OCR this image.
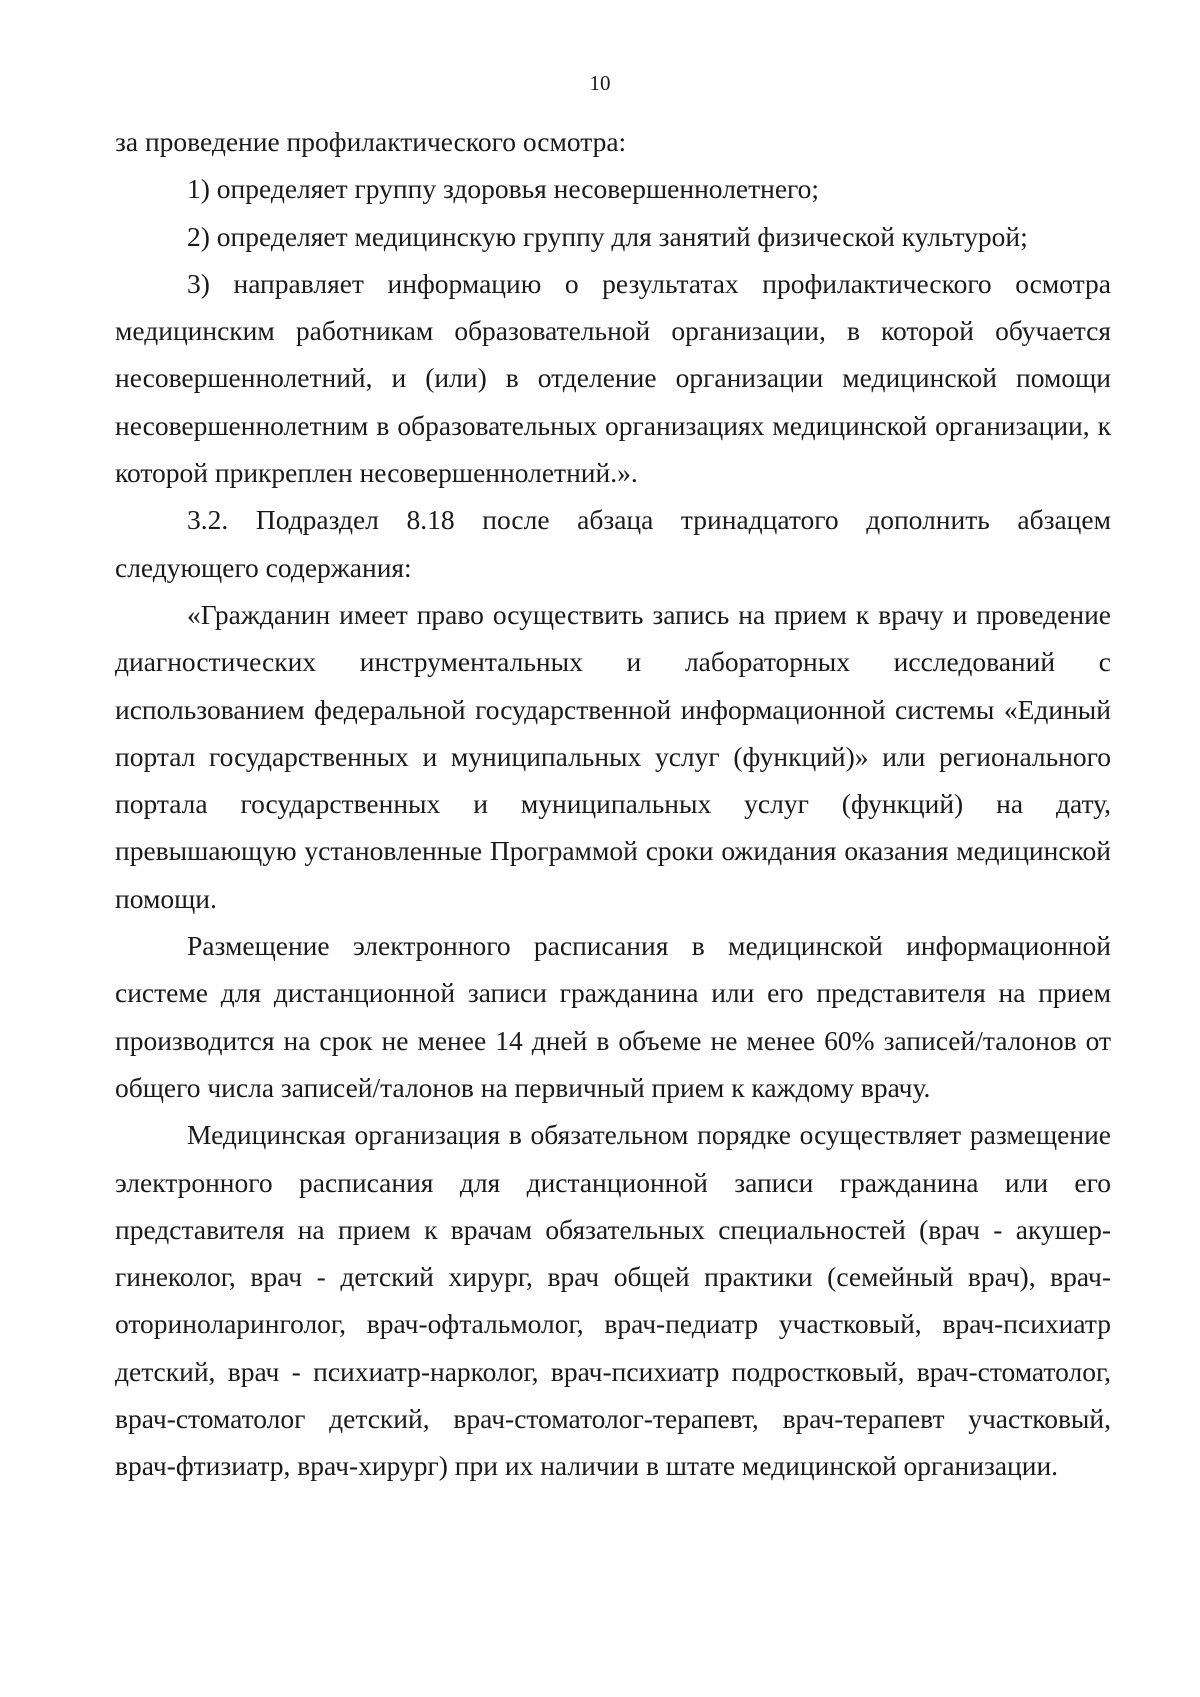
10

за проведение профилактического осмотра:

1) определяет группу здоровья несовершеннолетнего;

2) определяет медицинскую группу для занятий физической культурой;

3) направляет информацию о результатах профилактического осмотра медицинским работникам образовательной организации, в которой обучается несовершеннолетний, и (или) в отделение организации медицинской помощи несовершеннолетним в образовательных организациях медицинской организации, к которой прикреплен несовершеннолетний.».

3.2. Подраздел 8.18 после абзаца тринадцатого дополнить абзацем следующего содержания:

«Гражданин имеет право осуществить запись на прием к врачу и проведение диагностических инструментальных и лабораторных исследований с использованием федеральной государственной информационной системы «Единый портал государственных и муниципальных услуг (функций)» или регионального портала государственных и муниципальных услуг (функций) на дату, превышающую установленные Программой сроки ожидания оказания медицинской помощи.

Размещение электронного расписания в медицинской информационной системе для дистанционной записи гражданина или его представителя на прием производится на срок не менее 14 дней в объеме не менее 60% записей/талонов от общего числа записей/талонов на первичный прием к каждому врачу.

Медицинская организация в обязательном порядке осуществляет размещение электронного расписания для дистанционной записи гражданина или его представителя на прием к врачам обязательных специальностей (врач - акушер-гинеколог, врач - детский хирург, врач общей практики (семейный врач), врач-оториноларинголог, врач-офтальмолог, врач-педиатр участковый, врач-психиатр детский, врач - психиатр-нарколог, врач-психиатр подростковый, врач-стоматолог, врач-стоматолог детский, врач-стоматолог-терапевт, врач-терапевт участковый, врач-фтизиатр, врач-хирург) при их наличии в штате медицинской организации.
